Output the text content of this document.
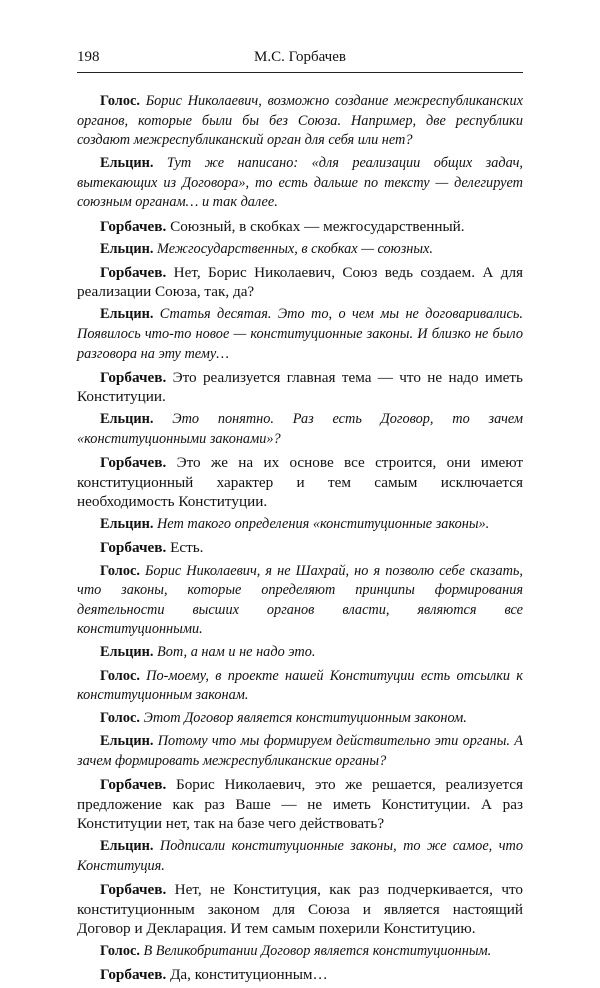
198	М.С. Горбачев

Голос. Борис Николаевич, возможно создание межреспубликанских органов, которые были бы без Союза. Например, две республики создают межреспубликанский орган для себя или нет?

Ельцин. Тут же написано: «для реализации общих задач, вытекающих из Договора», то есть дальше по тексту — делегирует союзным органам… и так далее.

Горбачев. Союзный, в скобках — межгосударственный.

Ельцин. Межгосударственных, в скобках — союзных.

Горбачев. Нет, Борис Николаевич, Союз ведь создаем. А для реализации Союза, так, да?

Ельцин. Статья десятая. Это то, о чем мы не договаривались. Появилось что-то новое — конституционные законы. И близко не было разговора на эту тему…

Горбачев. Это реализуется главная тема — что не надо иметь Конституции.

Ельцин. Это понятно. Раз есть Договор, то зачем «конституционными законами»?

Горбачев. Это же на их основе все строится, они имеют конституционный характер и тем самым исключается необходимость Конституции.

Ельцин. Нет такого определения «конституционные законы».

Горбачев. Есть.

Голос. Борис Николаевич, я не Шахрай, но я позволю себе сказать, что законы, которые определяют принципы формирования деятельности высших органов власти, являются все конституционными.

Ельцин. Вот, а нам и не надо это.

Голос. По-моему, в проекте нашей Конституции есть отсылки к конституционным законам.

Голос. Этот Договор является конституционным законом.

Ельцин. Потому что мы формируем действительно эти органы. А зачем формировать межреспубликанские органы?

Горбачев. Борис Николаевич, это же решается, реализуется предложение как раз Ваше — не иметь Конституции. А раз Конституции нет, так на базе чего действовать?

Ельцин. Подписали конституционные законы, то же самое, что Конституция.

Горбачев. Нет, не Конституция, как раз подчеркивается, что конституционным законом для Союза и является настоящий Договор и Декларация. И тем самым похерили Конституцию.

Голос. В Великобритании Договор является конституционным.

Горбачев. Да, конституционным…
